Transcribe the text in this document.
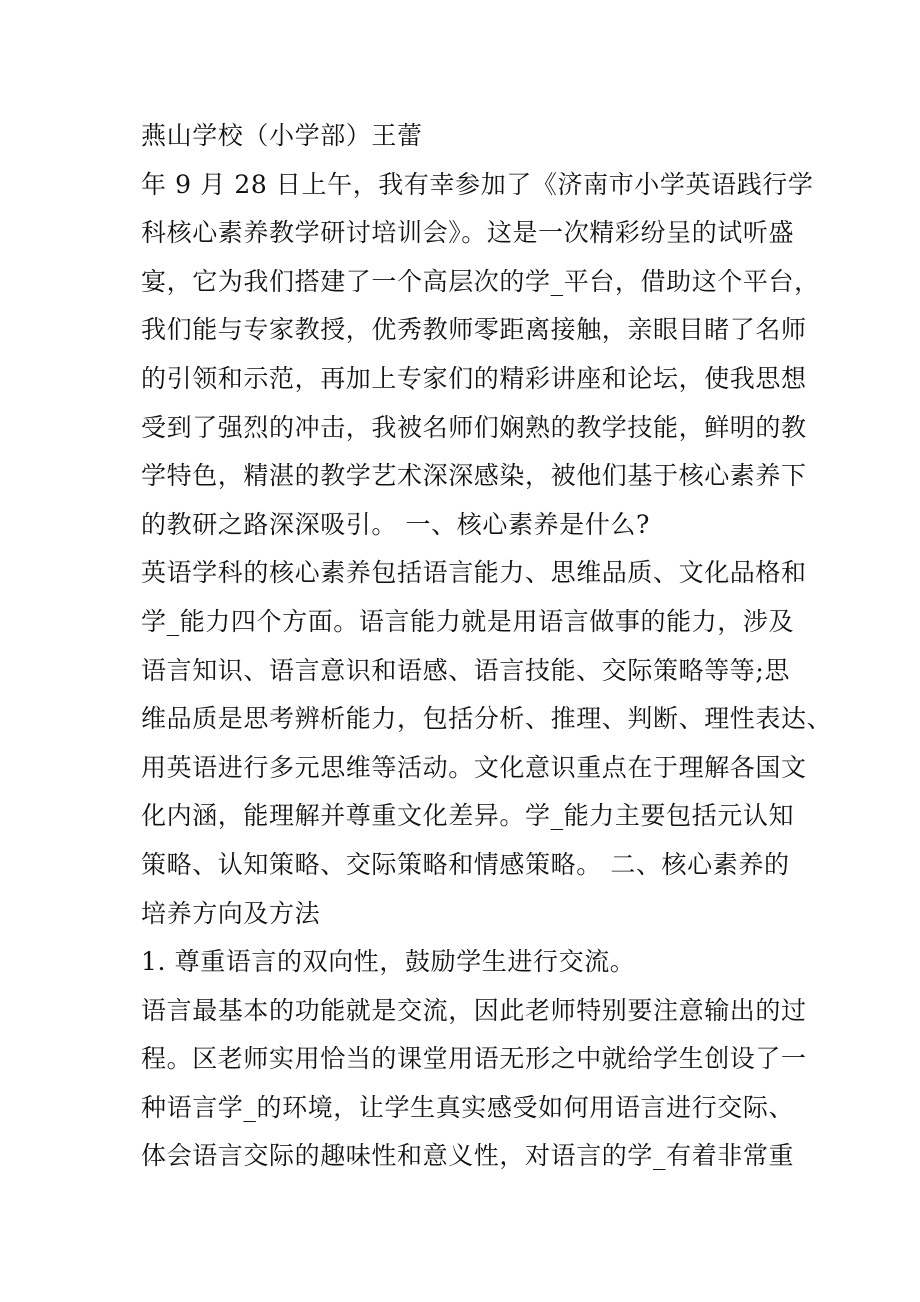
燕山学校（小学部）王蕾
年 9 月 28 日上午，我有幸参加了《济南市小学英语践行学
科核心素养教学研讨培训会》。这是一次精彩纷呈的试听盛
宴，它为我们搭建了一个高层次的学_平台，借助这个平台，
我们能与专家教授，优秀教师零距离接触，亲眼目睹了名师
的引领和示范，再加上专家们的精彩讲座和论坛，使我思想
受到了强烈的冲击，我被名师们娴熟的教学技能，鲜明的教
学特色，精湛的教学艺术深深感染，被他们基于核心素养下
的教研之路深深吸引。 一、核心素养是什么?
英语学科的核心素养包括语言能力、思维品质、文化品格和
学_能力四个方面。语言能力就是用语言做事的能力，涉及
语言知识、语言意识和语感、语言技能、交际策略等等;思
维品质是思考辨析能力，包括分析、推理、判断、理性表达、
用英语进行多元思维等活动。文化意识重点在于理解各国文
化内涵，能理解并尊重文化差异。学_能力主要包括元认知
策略、认知策略、交际策略和情感策略。 二、核心素养的
培养方向及方法
1. 尊重语言的双向性，鼓励学生进行交流。
语言最基本的功能就是交流，因此老师特别要注意输出的过
程。区老师实用恰当的课堂用语无形之中就给学生创设了一
种语言学_的环境，让学生真实感受如何用语言进行交际、
体会语言交际的趣味性和意义性，对语言的学_有着非常重
